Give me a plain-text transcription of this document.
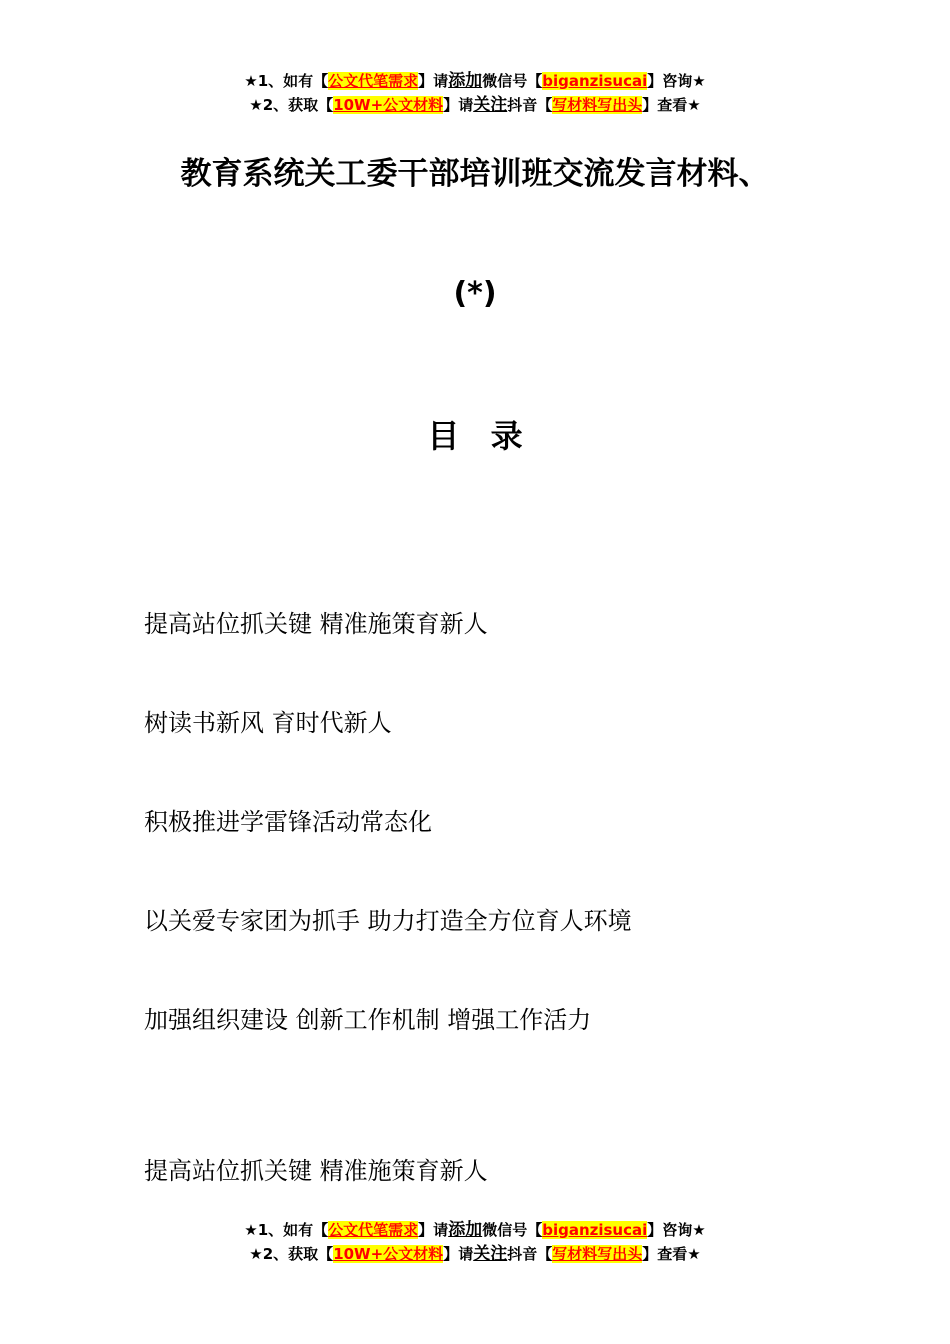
★1、如有【公文代笔需求】请添加微信号【biganzisucai】咨询★
★2、获取【10W+公文材料】请关注抖音【写材料写出头】查看★
教育系统关工委干部培训班交流发言材料、
(*)
目 录
提高站位抓关键 精准施策育新人
树读书新风 育时代新人
积极推进学雷锋活动常态化
以关爱专家团为抓手 助力打造全方位育人环境
加强组织建设 创新工作机制 增强工作活力
提高站位抓关键 精准施策育新人
★1、如有【公文代笔需求】请添加微信号【biganzisucai】咨询★
★2、获取【10W+公文材料】请关注抖音【写材料写出头】查看★
